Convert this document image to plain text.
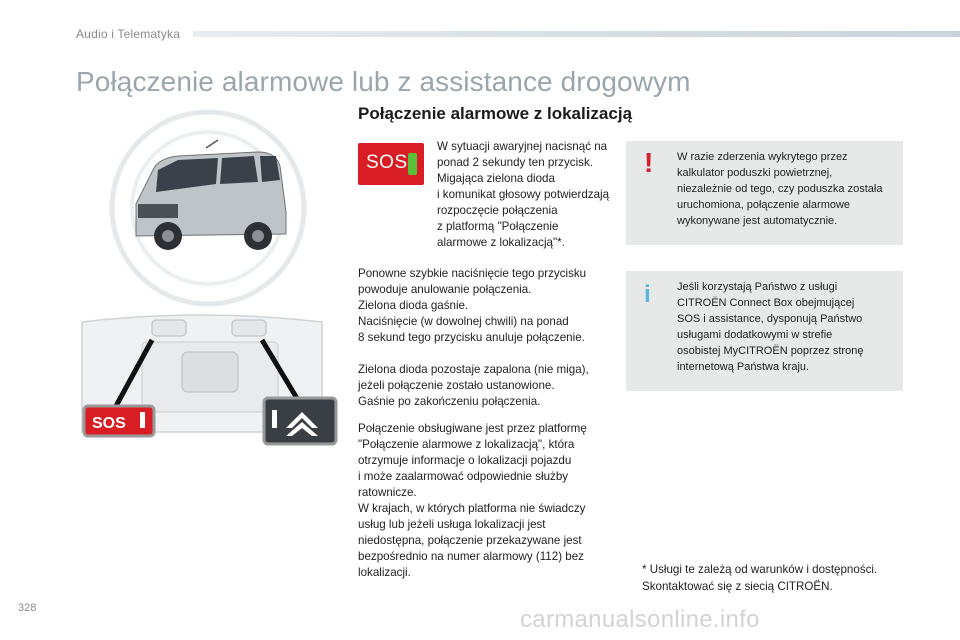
Audio i Telematyka
Połączenie alarmowe lub z assistance drogowym
Połączenie alarmowe z lokalizacją
SOS
SOS
W sytuacji awaryjnej nacisnąć na
ponad 2 sekundy ten przycisk.
Migająca zielona dioda
i komunikat głosowy potwierdzają
rozpoczęcie połączenia
z platformą "Połączenie
alarmowe z lokalizacją"*.
Ponowne szybkie naciśnięcie tego przycisku
powoduje anulowanie połączenia.
Zielona dioda gaśnie.
Naciśnięcie (w dowolnej chwili) na ponad
8 sekund tego przycisku anuluje połączenie.
Zielona dioda pozostaje zapalona (nie miga),
jeżeli połączenie zostało ustanowione.
Gaśnie po zakończeniu połączenia.
Połączenie obsługiwane jest przez platformę
"Połączenie alarmowe z lokalizacją", która
otrzymuje informacje o lokalizacji pojazdu
i może zaalarmować odpowiednie służby
ratownicze.
W krajach, w których platforma nie świadczy
usług lub jeżeli usługa lokalizacji jest
niedostępna, połączenie przekazywane jest
bezpośrednio na numer alarmowy (112) bez
lokalizacji.
! W razie zderzenia wykrytego przez
kalkulator poduszki powietrznej,
niezależnie od tego, czy poduszka została
uruchomiona, połączenie alarmowe
wykonywane jest automatycznie.
i Jeśli korzystają Państwo z usługi
CITROËN Connect Box obejmującej
SOS i assistance, dysponują Państwo
usługami dodatkowymi w strefie
osobistej MyCITROËN poprzez stronę
internetową Państwa kraju.
* Usługi te zależą od warunków i dostępności.
Skontaktować się z siecią CITROËN.
328	carmanualsonline.info
